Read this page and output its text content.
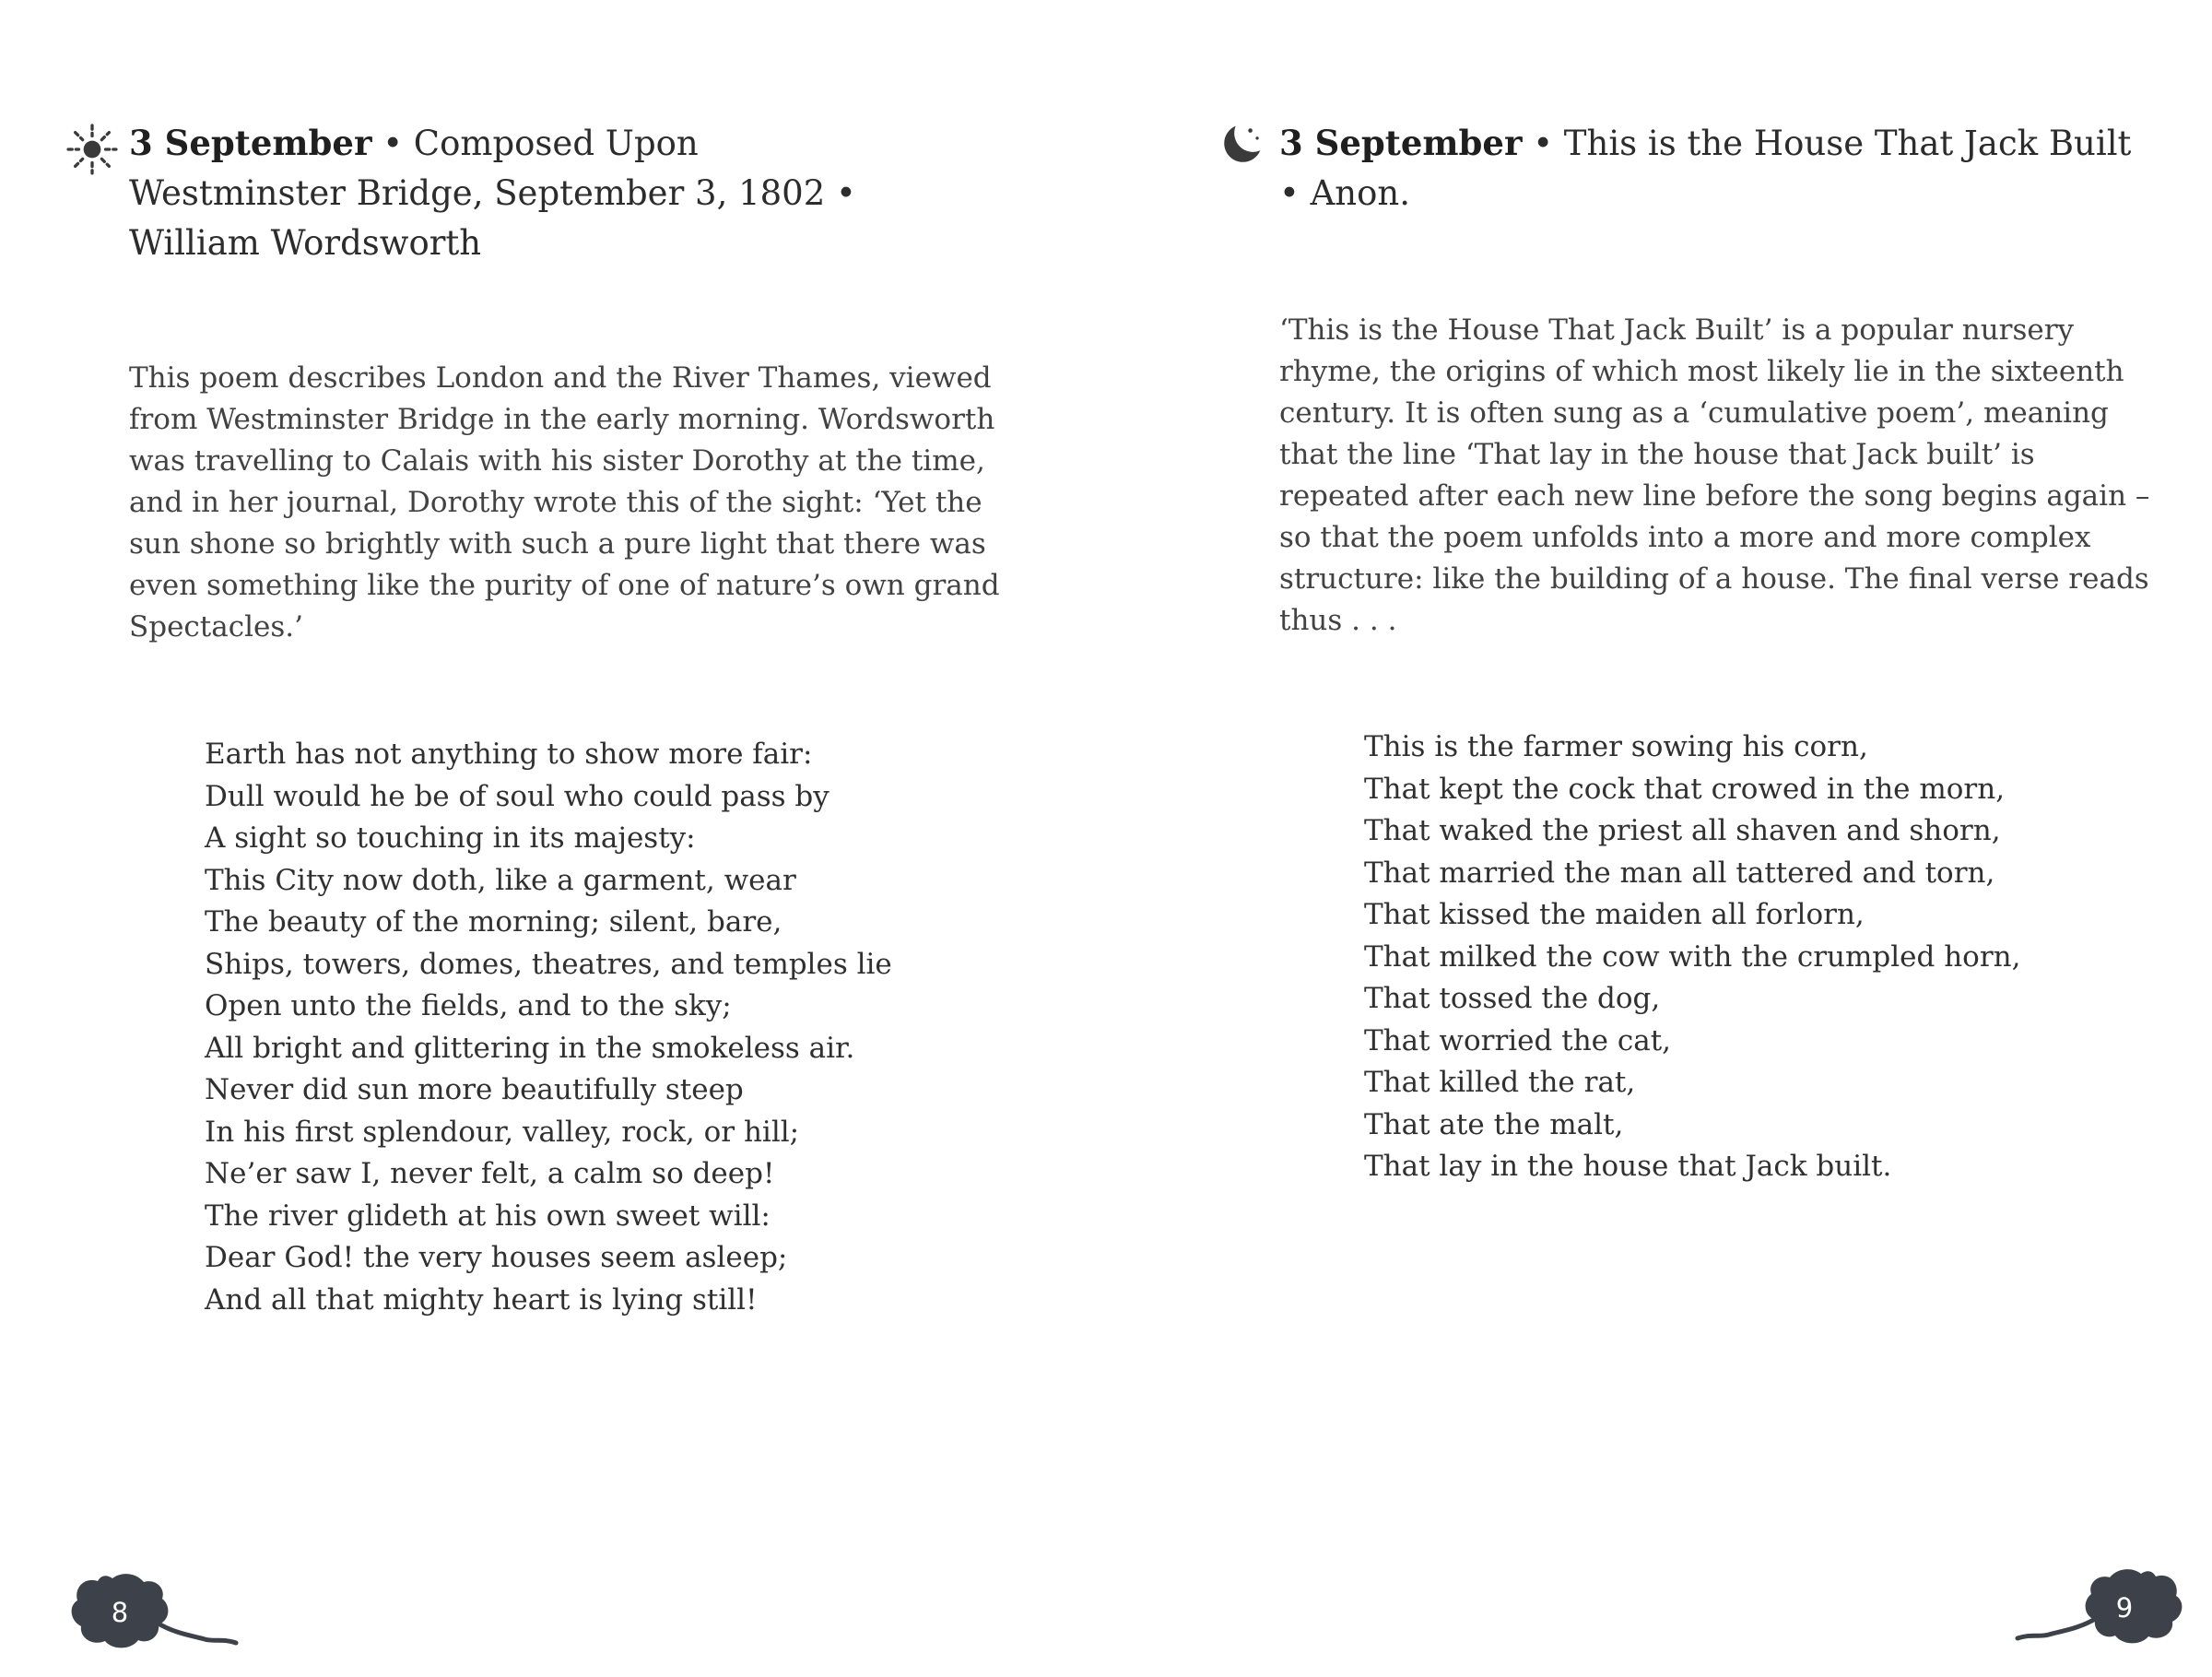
3 September • Composed Upon Westminster Bridge, September 3, 1802 •
William Wordsworth

This poem describes London and the River Thames, viewed from Westminster Bridge in the early morning. Wordsworth was travelling to Calais with his sister Dorothy at the time, and in her journal, Dorothy wrote this of the sight: ‘Yet the sun shone so brightly with such a pure light that there was even something like the purity of one of nature’s own grand Spectacles.’

Earth has not anything to show more fair:
Dull would he be of soul who could pass by
A sight so touching in its majesty:
This City now doth, like a garment, wear
The beauty of the morning; silent, bare,
Ships, towers, domes, theatres, and temples lie
Open unto the fields, and to the sky;
All bright and glittering in the smokeless air.
Never did sun more beautifully steep
In his first splendour, valley, rock, or hill;
Ne’er saw I, never felt, a calm so deep!
The river glideth at his own sweet will:
Dear God! the very houses seem asleep;
And all that mighty heart is lying still!
8
3 September • This is the House That Jack Built
• Anon.

‘This is the House That Jack Built’ is a popular nursery rhyme, the origins of which most likely lie in the sixteenth century. It is often sung as a ‘cumulative poem’, meaning that the line ‘That lay in the house that Jack built’ is repeated after each new line before the song begins again – so that the poem unfolds into a more and more complex structure: like the building of a house. The final verse reads thus . . .

This is the farmer sowing his corn,
That kept the cock that crowed in the morn,
That waked the priest all shaven and shorn,
That married the man all tattered and torn,
That kissed the maiden all forlorn,
That milked the cow with the crumpled horn,
That tossed the dog,
That worried the cat,
That killed the rat,
That ate the malt,
That lay in the house that Jack built.
9
